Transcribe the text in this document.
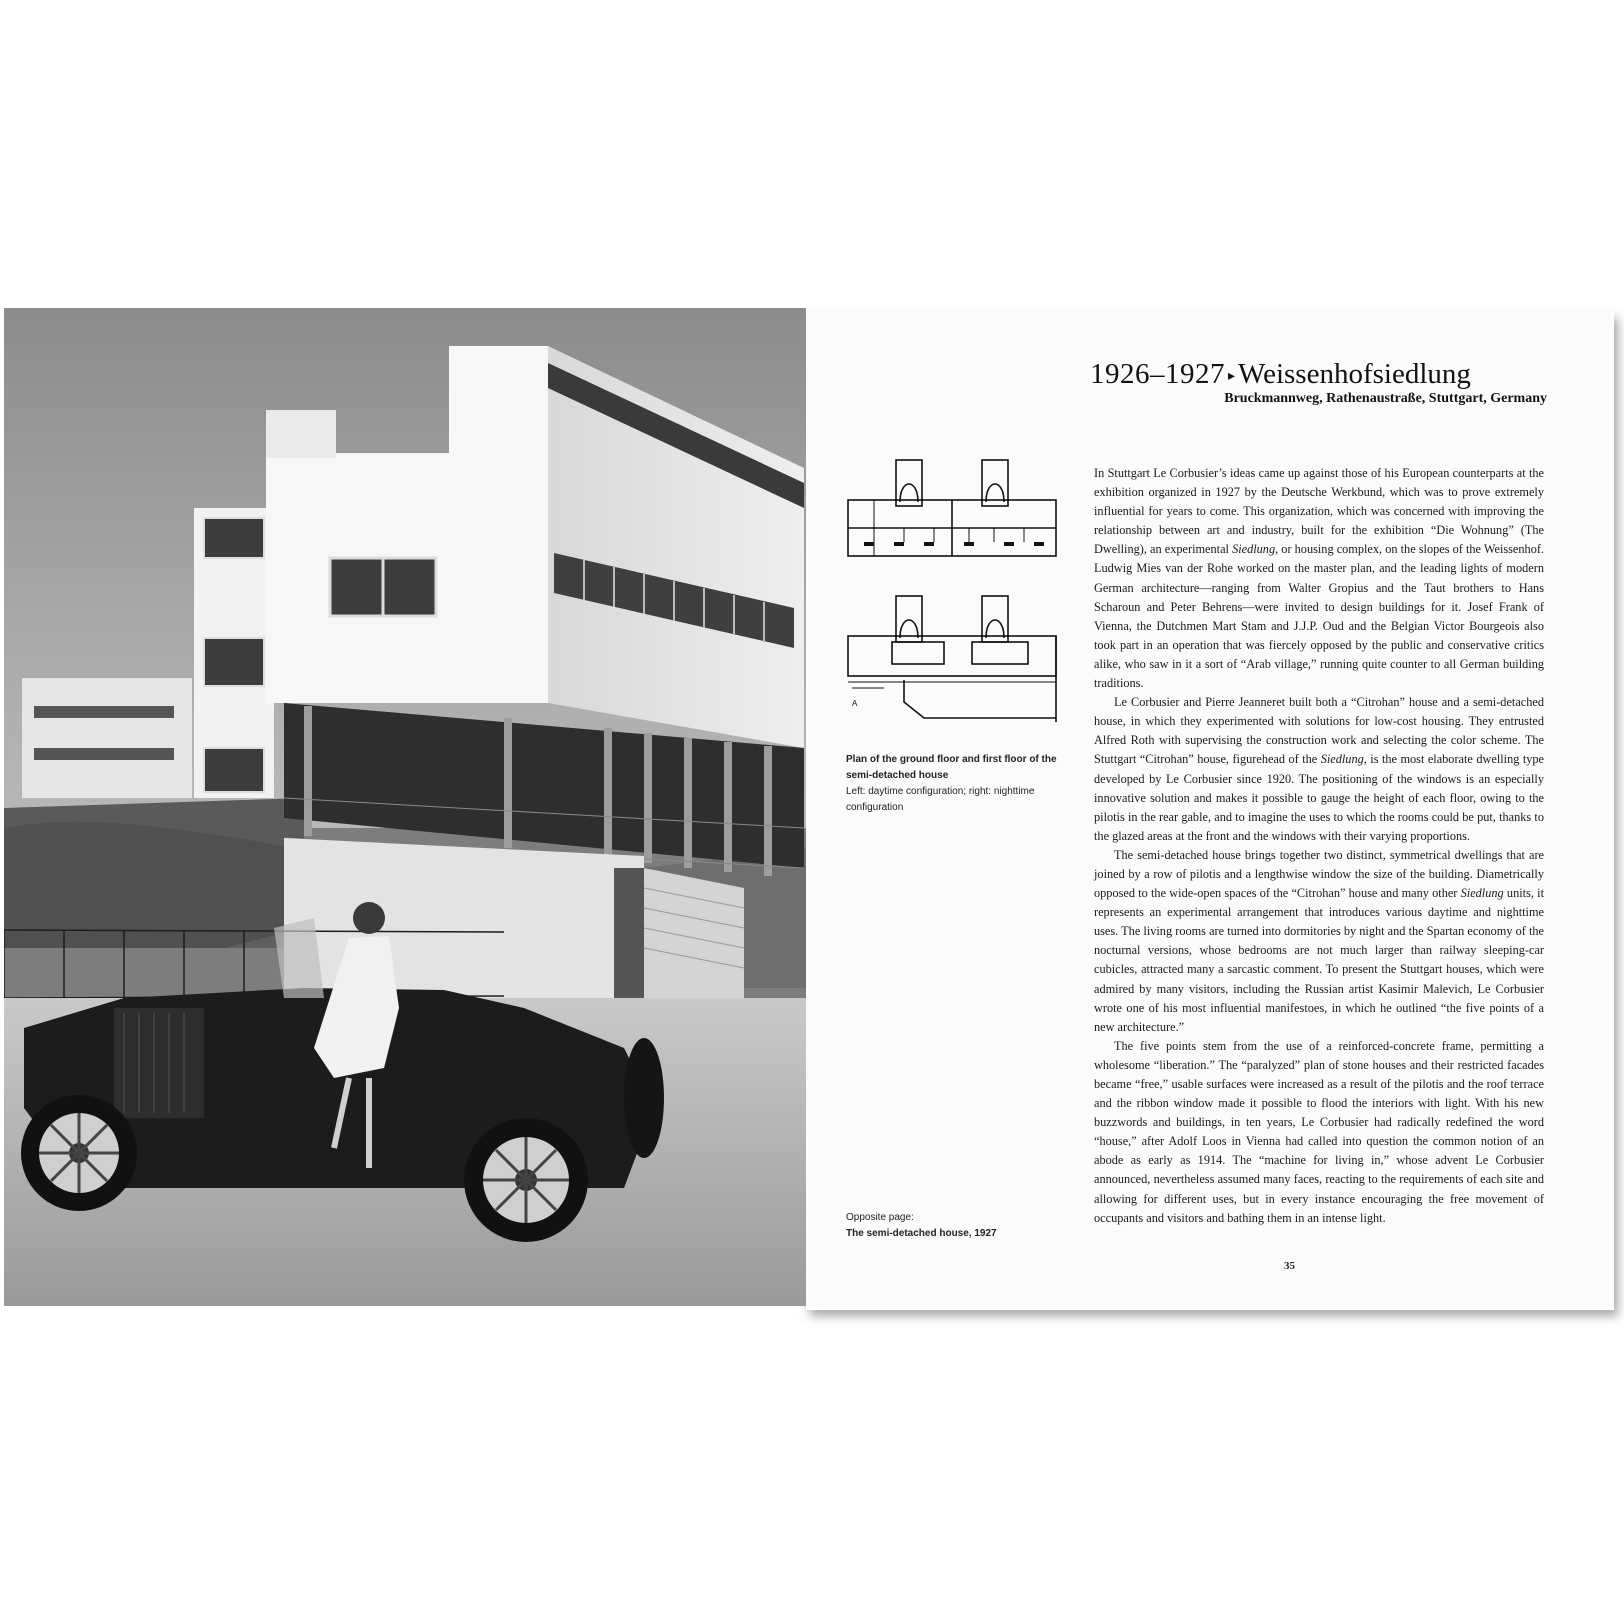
1926–1927 ▸ Weissenhofsiedlung
Bruckmannweg, Rathenaustraße, Stuttgart, Germany
A
Plan of the ground floor and first floor of the
semi-detached house
Left: daytime configuration; right: nighttime
configuration
Opposite page:
The semi-detached house, 1927

In Stuttgart Le Corbusier’s ideas came up against those of his European counterparts at the exhibition organized in 1927 by the Deutsche Werkbund, which was to prove extremely influential for years to come. This organization, which was concerned with improving the relationship between art and industry, built for the exhibition “Die Wohnung” (The Dwelling), an experimental Siedlung, or housing complex, on the slopes of the Weissenhof. Ludwig Mies van der Rohe worked on the master plan, and the leading lights of modern German architecture—ranging from Walter Gropius and the Taut brothers to Hans Scharoun and Peter Behrens—were invited to design buildings for it. Josef Frank of Vienna, the Dutchmen Mart Stam and J.J.P. Oud and the Belgian Victor Bourgeois also took part in an operation that was fiercely opposed by the public and conservative critics alike, who saw in it a sort of “Arab village,” running quite counter to all German building traditions.

Le Corbusier and Pierre Jeanneret built both a “Citrohan” house and a semi-detached house, in which they experimented with solutions for low-cost housing. They entrusted Alfred Roth with supervising the construction work and selecting the color scheme. The Stuttgart “Citrohan” house, figurehead of the Siedlung, is the most elaborate dwelling type developed by Le Corbusier since 1920. The positioning of the windows is an especially innovative solution and makes it possible to gauge the height of each floor, owing to the pilotis in the rear gable, and to imagine the uses to which the rooms could be put, thanks to the glazed areas at the front and the windows with their varying proportions.

The semi-detached house brings together two distinct, symmetrical dwellings that are joined by a row of pilotis and a lengthwise window the size of the building. Diametrically opposed to the wide-open spaces of the “Citrohan” house and many other Siedlung units, it represents an experimental arrangement that introduces various daytime and nighttime uses. The living rooms are turned into dormitories by night and the Spartan economy of the nocturnal versions, whose bedrooms are not much larger than railway sleeping-car cubicles, attracted many a sarcastic comment. To present the Stuttgart houses, which were admired by many visitors, including the Russian artist Kasimir Malevich, Le Corbusier wrote one of his most influential manifestoes, in which he outlined “the five points of a new architecture.”

The five points stem from the use of a reinforced-concrete frame, permitting a wholesome “liberation.” The “paralyzed” plan of stone houses and their restricted facades became “free,” usable surfaces were increased as a result of the pilotis and the roof terrace and the ribbon window made it possible to flood the interiors with light. With his new buzzwords and buildings, in ten years, Le Corbusier had radically redefined the word “house,” after Adolf Loos in Vienna had called into question the common notion of an abode as early as 1914. The “machine for living in,” whose advent Le Corbusier announced, nevertheless assumed many faces, reacting to the requirements of each site and allowing for different uses, but in every instance encouraging the free movement of occupants and visitors and bathing them in an intense light.

35
